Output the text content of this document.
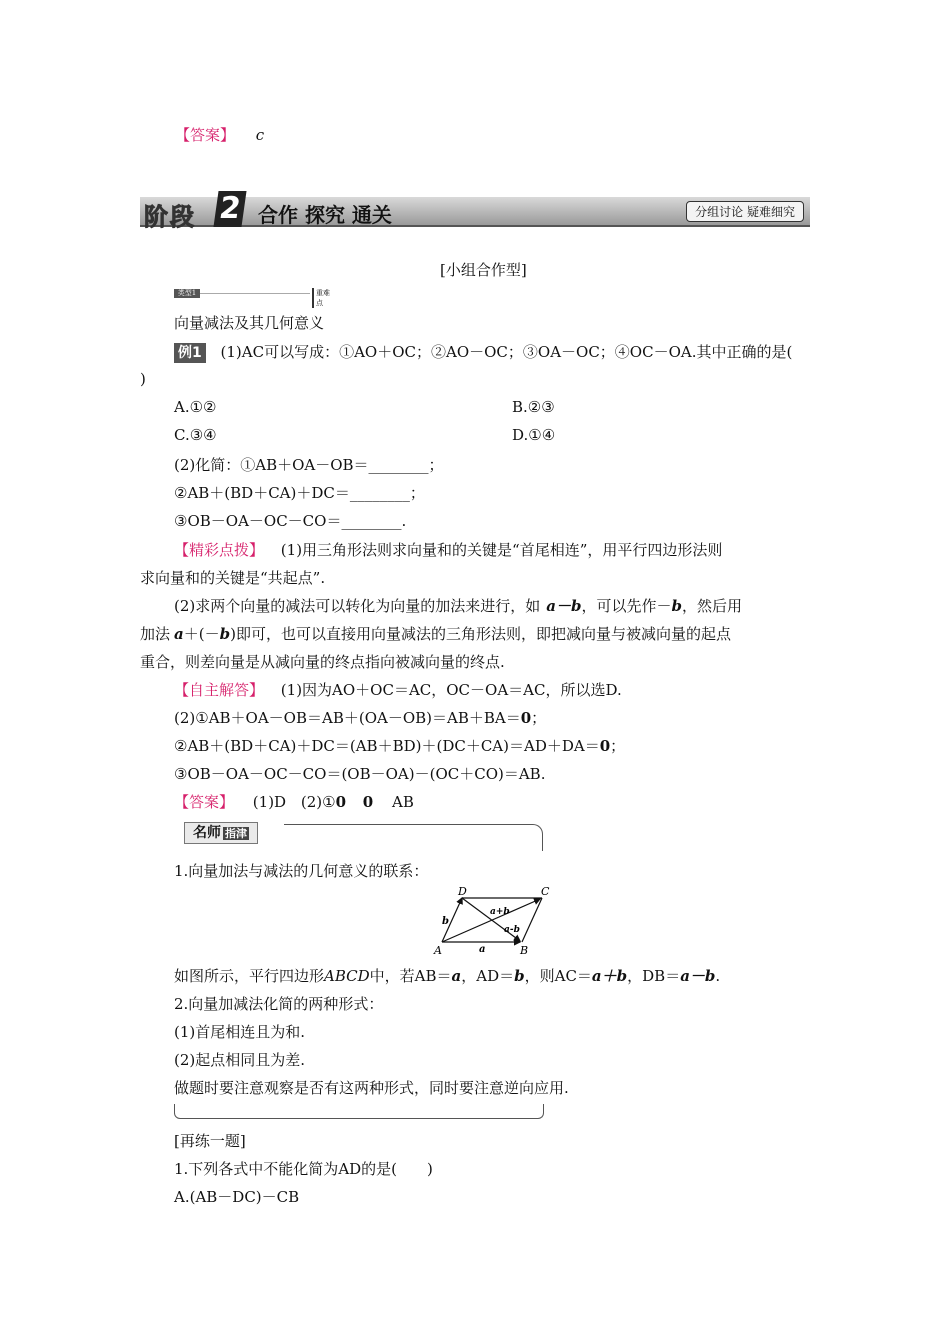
【答案】 c
阶段 2 合作 探究 通关	分组讨论 疑难细究
[小组合作型]
类型1	重难点
向量减法及其几何意义
例1 (1)AC可以写成：①AO＋OC；②AO－OC；③OA－OC；④OC－OA.其中正确的是(
)
A.①②	B.②③
C.③④	D.①④
(2)化简：①AB＋OA－OB＝________；
②AB＋(BD＋CA)＋DC＝________；
③OB－OA－OC－CO＝________.
【精彩点拨】 (1)用三角形法则求向量和的关键是“首尾相连”，用平行四边形法则
求向量和的关键是“共起点”.
(2)求两个向量的减法可以转化为向量的加法来进行，如 a－b，可以先作－b，然后用
加法 a＋(－b)即可，也可以直接用向量减法的三角形法则，即把减向量与被减向量的起点
重合，则差向量是从减向量的终点指向被减向量的终点.
【自主解答】 (1)因为AO＋OC＝AC，OC－OA＝AC，所以选D.
(2)①AB＋OA－OB＝AB＋(OA－OB)＝AB＋BA＝0；
②AB＋(BD＋CA)＋DC＝(AB＋BD)＋(DC＋CA)＝AD＋DA＝0；
③OB－OA－OC－CO＝(OB－OA)－(OC＋CO)＝AB.
【答案】 (1)D (2)①0 0 AB
名师 指津
1.向量加法与减法的几何意义的联系：
A	B
C
D
a
b
a+b
a-b
如图所示，平行四边形ABCD中，若AB＝a，AD＝b，则AC＝a＋b，DB＝a－b.
2.向量加减法化简的两种形式：
(1)首尾相连且为和.
(2)起点相同且为差.
做题时要注意观察是否有这两种形式，同时要注意逆向应用.
[再练一题]
1.下列各式中不能化简为AD的是(　　)
A.(AB－DC)－CB
